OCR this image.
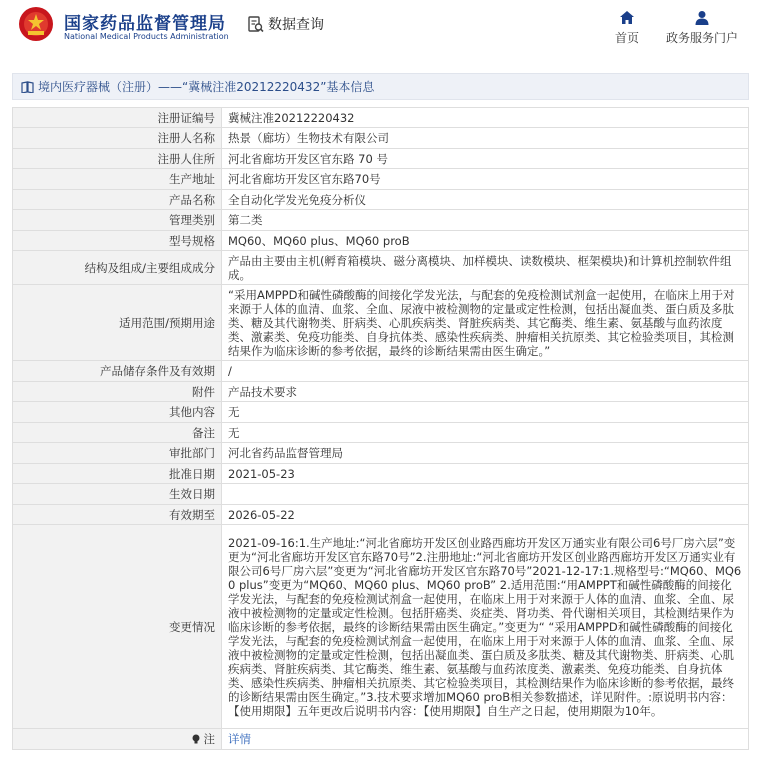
国家药品监督管理局
National Medical Products Administration
数据查询
首页 政务服务门户
境内医疗器械（注册）——“冀械注准20212220432”基本信息
注册证编号	冀械注准20212220432
注册人名称	热景（廊坊）生物技术有限公司
注册人住所	河北省廊坊开发区官东路 70 号
生产地址	河北省廊坊开发区官东路70号
产品名称	全自动化学发光免疫分析仪
管理类别	第二类
型号规格	MQ60、MQ60 plus、MQ60 proB
结构及组成/主要组成成分	产品由主要由主机(孵育箱模块、磁分离模块、加样模块、读数模块、框架模块)和计算机控制软件组成。
适用范围/预期用途	“采用AMPPD和碱性磷酸酶的间接化学发光法，与配套的免疫检测试剂盒一起使用，在临床上用于对来源于人体的血清、血浆、全血、尿液中被检测物的定量或定性检测，包括出凝血类、蛋白质及多肽类、糖及其代谢物类、肝病类、心肌疾病类、肾脏疾病类、其它酶类、维生素、氨基酸与血药浓度类、激素类、免疫功能类、自身抗体类、感染性疾病类、肿瘤相关抗原类、其它检验类项目，其检测结果作为临床诊断的参考依据，最终的诊断结果需由医生确定。”
产品储存条件及有效期	/
附件	产品技术要求
其他内容	无
备注	无
审批部门	河北省药品监督管理局
批准日期	2021-05-23
生效日期	
有效期至	2026-05-22
变更情况	2021-09-16:1.生产地址:“河北省廊坊开发区创业路西廊坊开发区万通实业有限公司6号厂房六层”变更为“河北省廊坊开发区官东路70号”2.注册地址:“河北省廊坊开发区创业路西廊坊开发区万通实业有限公司6号厂房六层”变更为“河北省廊坊开发区官东路70号”2021-12-17:1.规格型号:“MQ60、MQ60 plus”变更为“MQ60、MQ60 plus、MQ60 proB” 2.适用范围:“用AMPPT和碱性磷酸酶的间接化学发光法，与配套的免疫检测试剂盒一起使用，在临床上用于对来源于人体的血清、血浆、全血、尿液中被检测物的定量或定性检测。包括肝癌类、炎症类、肾功类、骨代谢相关项目，其检测结果作为临床诊断的参考依据，最终的诊断结果需由医生确定。”变更为“ “采用AMPPD和碱性磷酸酶的间接化学发光法，与配套的免疫检测试剂盒一起使用，在临床上用于对来源于人体的血清、血浆、全血、尿液中被检测物的定量或定性检测，包括出凝血类、蛋白质及多肽类、糖及其代谢物类、肝病类、心肌疾病类、肾脏疾病类、其它酶类、维生素、氨基酸与血药浓度类、激素类、免疫功能类、自身抗体类、感染性疾病类、肿瘤相关抗原类、其它检验类项目，其检测结果作为临床诊断的参考依据，最终的诊断结果需由医生确定。”3.技术要求增加MQ60 proB相关参数描述，详见附件。:原说明书内容：【使用期限】五年更改后说明书内容：【使用期限】自生产之日起，使用期限为10年。
注	详情
